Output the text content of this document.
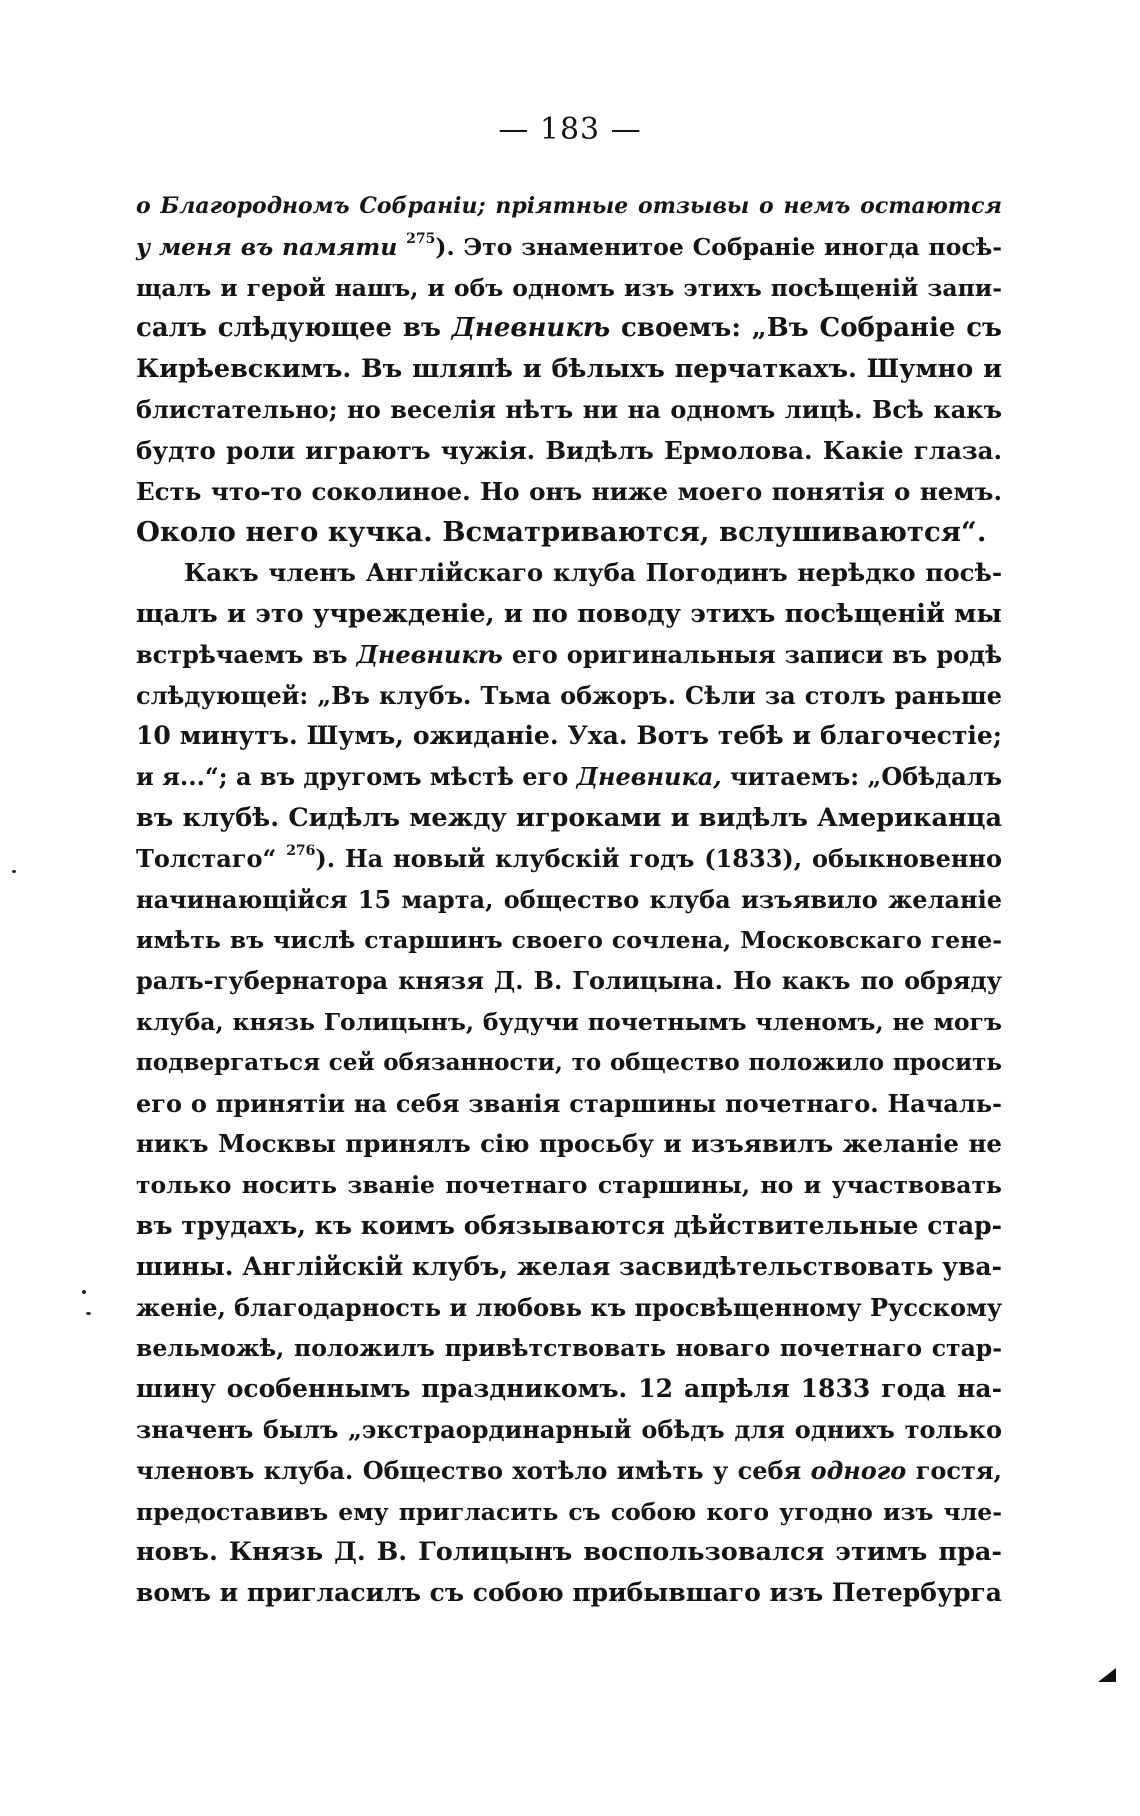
— 183 —
о Благородномъ Собраніи; пріятные отзывы о немъ остаются
у меня въ памяти $^{275}$). Это знаменитое Собраніе иногда посѣ-
щалъ и герой нашъ, и объ одномъ изъ этихъ посѣщеній запи-
салъ слѣдующее въ Дневникѣ своемъ: „Въ Собраніе съ
Кирѣевскимъ. Въ шляпѣ и бѣлыхъ перчаткахъ. Шумно и
блистательно; но веселія нѣтъ ни на одномъ лицѣ. Всѣ какъ
будто роли играютъ чужія. Видѣлъ Ермолова. Какіе глаза.
Есть что-то соколиное. Но онъ ниже моего понятія о немъ.
Около него кучка. Всматриваются, вслушиваются“.
Какъ членъ Англійскаго клуба Погодинъ нерѣдко посѣ-
щалъ и это учрежденіе, и по поводу этихъ посѣщеній мы
встрѣчаемъ въ Дневникѣ его оригинальныя записи въ родѣ
слѣдующей: „Въ клубъ. Тьма обжоръ. Сѣли за столъ раньше
10 минутъ. Шумъ, ожиданіе. Уха. Вотъ тебѣ и благочестіе;
и я...“; а въ другомъ мѣстѣ его Дневника, читаемъ: „Обѣдалъ
въ клубѣ. Сидѣлъ между игроками и видѣлъ Американца
Толстаго“ $^{276}$). На новый клубскій годъ (1833), обыкновенно
начинающійся 15 марта, общество клуба изъявило желаніе
имѣть въ числѣ старшинъ своего сочлена, Московскаго гене-
ралъ-губернатора князя Д. В. Голицына. Но какъ по обряду
клуба, князь Голицынъ, будучи почетнымъ членомъ, не могъ
подвергаться сей обязанности, то общество положило просить
его о принятіи на себя званія старшины почетнаго. Началь-
никъ Москвы принялъ сію просьбу и изъявилъ желаніе не
только носить званіе почетнаго старшины, но и участвовать
въ трудахъ, къ коимъ обязываются дѣйствительные стар-
шины. Англійскій клубъ, желая засвидѣтельствовать ува-
женіе, благодарность и любовь къ просвѣщенному Русскому
вельможѣ, положилъ привѣтствовать новаго почетнаго стар-
шину особеннымъ праздникомъ. 12 апрѣля 1833 года на-
значенъ былъ „экстраординарный обѣдъ для однихъ только
членовъ клуба. Общество хотѣло имѣть у себя одного гостя,
предоставивъ ему пригласить съ собою кого угодно изъ чле-
новъ. Князь Д. В. Голицынъ воспользовался этимъ пра-
вомъ и пригласилъ съ собою прибывшаго изъ Петербурга
